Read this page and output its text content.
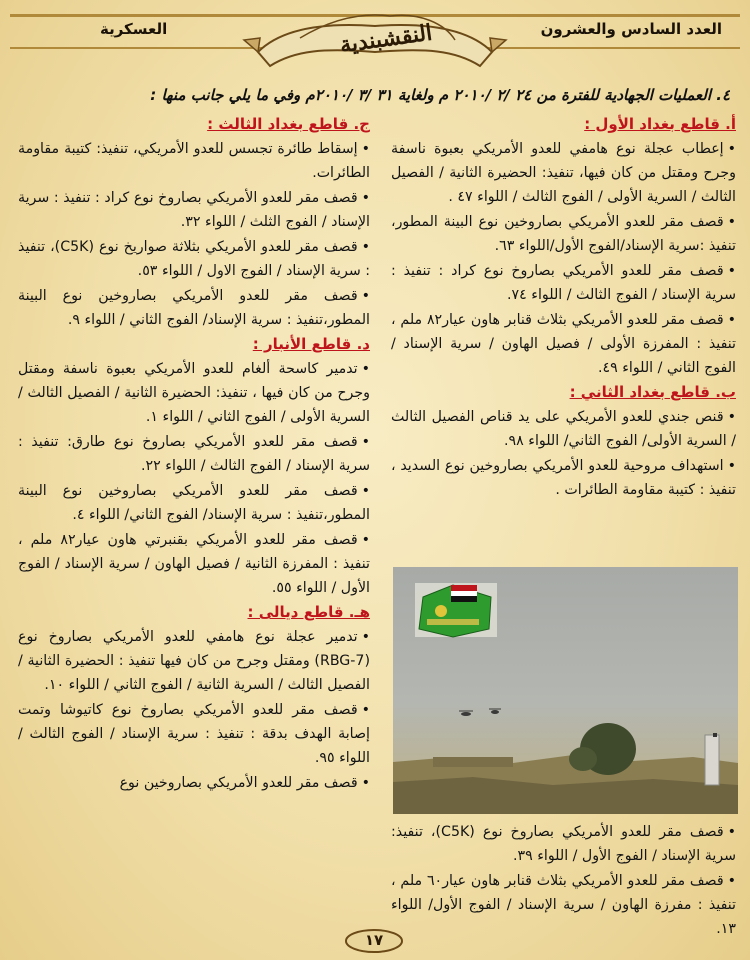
العدد السادس والعشرون
العسكرية	النقشبندية
٤. العمليات الجهادية للفترة من ٢٤ /٢ /٢٠١٠ م ولغاية ٣١ /٣ /٢٠١٠م وفي ما يلي جانب منها :
أ. قاطع بغداد الأول :
•إعطاب عجلة نوع هامفي للعدو الأمريكي بعبوة ناسفة وجرح ومقتل من كان فيها، تنفيذ: الحضيرة الثانية / الفصيل الثالث / السرية الأولى / الفوج الثالث / اللواء ٤٧ .
•قصف مقر للعدو الأمريكي بصاروخين نوع البينة المطور، تنفيذ :سرية الإسناد/الفوج الأول/اللواء ٦٣.
•قصف مقر للعدو الأمريكي بصاروخ نوع كراد : تنفيذ : سرية الإسناد / الفوج الثالث / اللواء ٧٤.
•قصف مقر للعدو الأمريكي بثلاث قنابر هاون عيار٨٢ ملم ، تنفيذ : المفرزة الأولى / فصيل الهاون / سرية الإسناد / الفوج الثاني / اللواء ٤٩.
ب. قاطع بغداد الثاني :
•قنص جندي للعدو الأمريكي على يد قناص الفصيل الثالث / السرية الأولى/ الفوج الثاني/ اللواء ٩٨.
•استهداف مروحية للعدو الأمريكي بصاروخين نوع السديد ، تنفيذ : كتيبة مقاومة الطائرات .
•قصف مقر للعدو الأمريكي بصاروخ نوع (C5K)، تنفيذ: سرية الإسناد / الفوج الأول / اللواء ٣٩.
•قصف مقر للعدو الأمريكي بثلاث قنابر هاون عيار٦٠ ملم ، تنفيذ : مفرزة الهاون / سرية الإسناد / الفوج الأول/ اللواء ١٣.
ج. قاطع بغداد الثالث :
•إسقاط طائرة تجسس للعدو الأمريكي، تنفيذ: كتيبة مقاومة الطائرات.
•قصف مقر للعدو الأمريكي بصاروخ نوع كراد : تنفيذ : سرية الإسناد / الفوج الثلث / اللواء ٣٢.
•قصف مقر للعدو الأمريكي بثلاثة صواريخ نوع (C5K)، تنفيذ : سرية الإسناد / الفوج الاول / اللواء ٥٣.
•قصف مقر للعدو الأمريكي بصاروخين نوع البينة المطور،تنفيذ : سرية الإسناد/ الفوج الثاني / اللواء ٩.
د. قاطع الأنبار :
•تدمير كاسحة ألغام للعدو الأمريكي بعبوة ناسفة ومقتل وجرح من كان فيها ، تنفيذ: الحضيرة الثانية / الفصيل الثالث / السرية الأولى / الفوج الثاني / اللواء ١.
•قصف مقر للعدو الأمريكي بصاروخ نوع طارق: تنفيذ : سرية الإسناد / الفوج الثالث / اللواء ٢٢.
•قصف مقر للعدو الأمريكي بصاروخين نوع البينة المطور،تنفيذ : سرية الإسناد/ الفوج الثاني/ اللواء ٤.
•قصف مقر للعدو الأمريكي بقنبرتي هاون عيار٨٢ ملم ، تنفيذ : المفرزة الثانية / فصيل الهاون / سرية الإسناد / الفوج الأول / اللواء ٥٥.
هـ. قاطع ديالى :
•تدمير عجلة نوع هامفي للعدو الأمريكي بصاروخ نوع (RBG-7) ومقتل وجرح من كان فيها تنفيذ : الحضيرة الثانية / الفصيل الثالث / السرية الثانية / الفوج الثاني / اللواء ١٠.
•قصف مقر للعدو الأمريكي بصاروخ نوع كاتيوشا وتمت إصابة الهدف بدقة : تنفيذ : سرية الإسناد / الفوج الثالث / اللواء ٩٥.
•قصف مقر للعدو الأمريكي بصاروخين نوع
١٧
